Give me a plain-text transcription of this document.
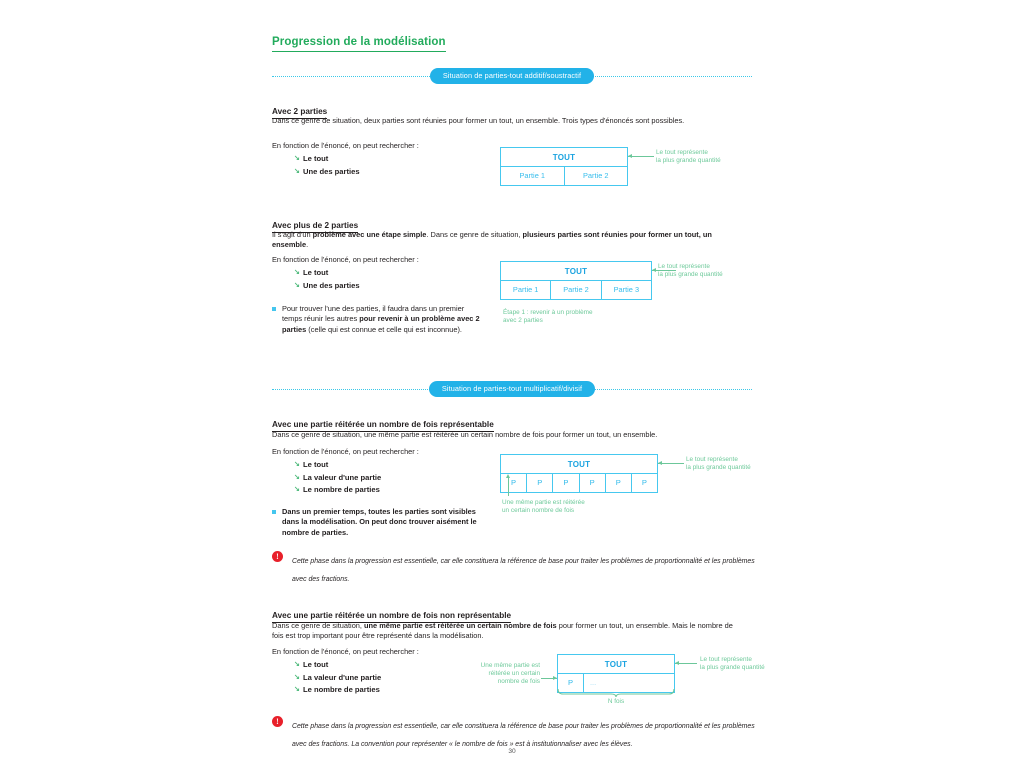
Progression de la modélisation
Situation de parties-tout additif/soustractif
Avec 2 parties

Dans ce genre de situation, deux parties sont réunies pour former un tout, un ensemble. Trois types d'énoncés sont possibles.

En fonction de l'énoncé, on peut rechercher :

↘ Le tout
↘ Une des parties
TOUT
Partie 1	Partie 2
Le tout représente
la plus grande quantité
Avec plus de 2 parties

Il s'agit d'un problème avec une étape simple. Dans ce genre de situation, plusieurs parties sont réunies pour former un tout, un ensemble.

En fonction de l'énoncé, on peut rechercher :

↘ Le tout
↘ Une des parties
Pour trouver l'une des parties, il faudra dans un premier temps réunir les autres pour revenir à un problème avec 2 parties (celle qui est connue et celle qui est inconnue).
TOUT
Partie 1	Partie 2	Partie 3
Le tout représente
la plus grande quantité
Étape 1 : revenir à un problème
avec 2 parties
Situation de parties-tout multiplicatif/divisif
Avec une partie réitérée un nombre de fois représentable

Dans ce genre de situation, une même partie est réitérée un certain nombre de fois pour former un tout, un ensemble.

En fonction de l'énoncé, on peut rechercher :

↘ Le tout
↘ La valeur d'une partie
↘ Le nombre de parties
Dans un premier temps, toutes les parties sont visibles dans la modélisation. On peut donc trouver aisément le nombre de parties.
TOUT
P	P	P	P	P	P
Le tout représente
la plus grande quantité
Une même partie est réitérée
un certain nombre de fois
!
Cette phase dans la progression est essentielle, car elle constituera la référence de base pour traiter les problèmes de proportionnalité et les problèmes avec des fractions.
Avec une partie réitérée un nombre de fois non représentable

Dans ce genre de situation, une même partie est réitérée un certain nombre de fois pour former un tout, un ensemble. Mais le nombre de fois est trop important pour être représenté dans la modélisation.

En fonction de l'énoncé, on peut rechercher :

↘ Le tout
↘ La valeur d'une partie
↘ Le nombre de parties
Une même partie est
réitérée un certain
nombre de fois
TOUT
P	...
Le tout représente
la plus grande quantité
N fois
!
Cette phase dans la progression est essentielle, car elle constituera la référence de base pour traiter les problèmes de proportionnalité et les problèmes avec des fractions. La convention pour représenter « le nombre de fois » est à institutionnaliser avec les élèves.
30
